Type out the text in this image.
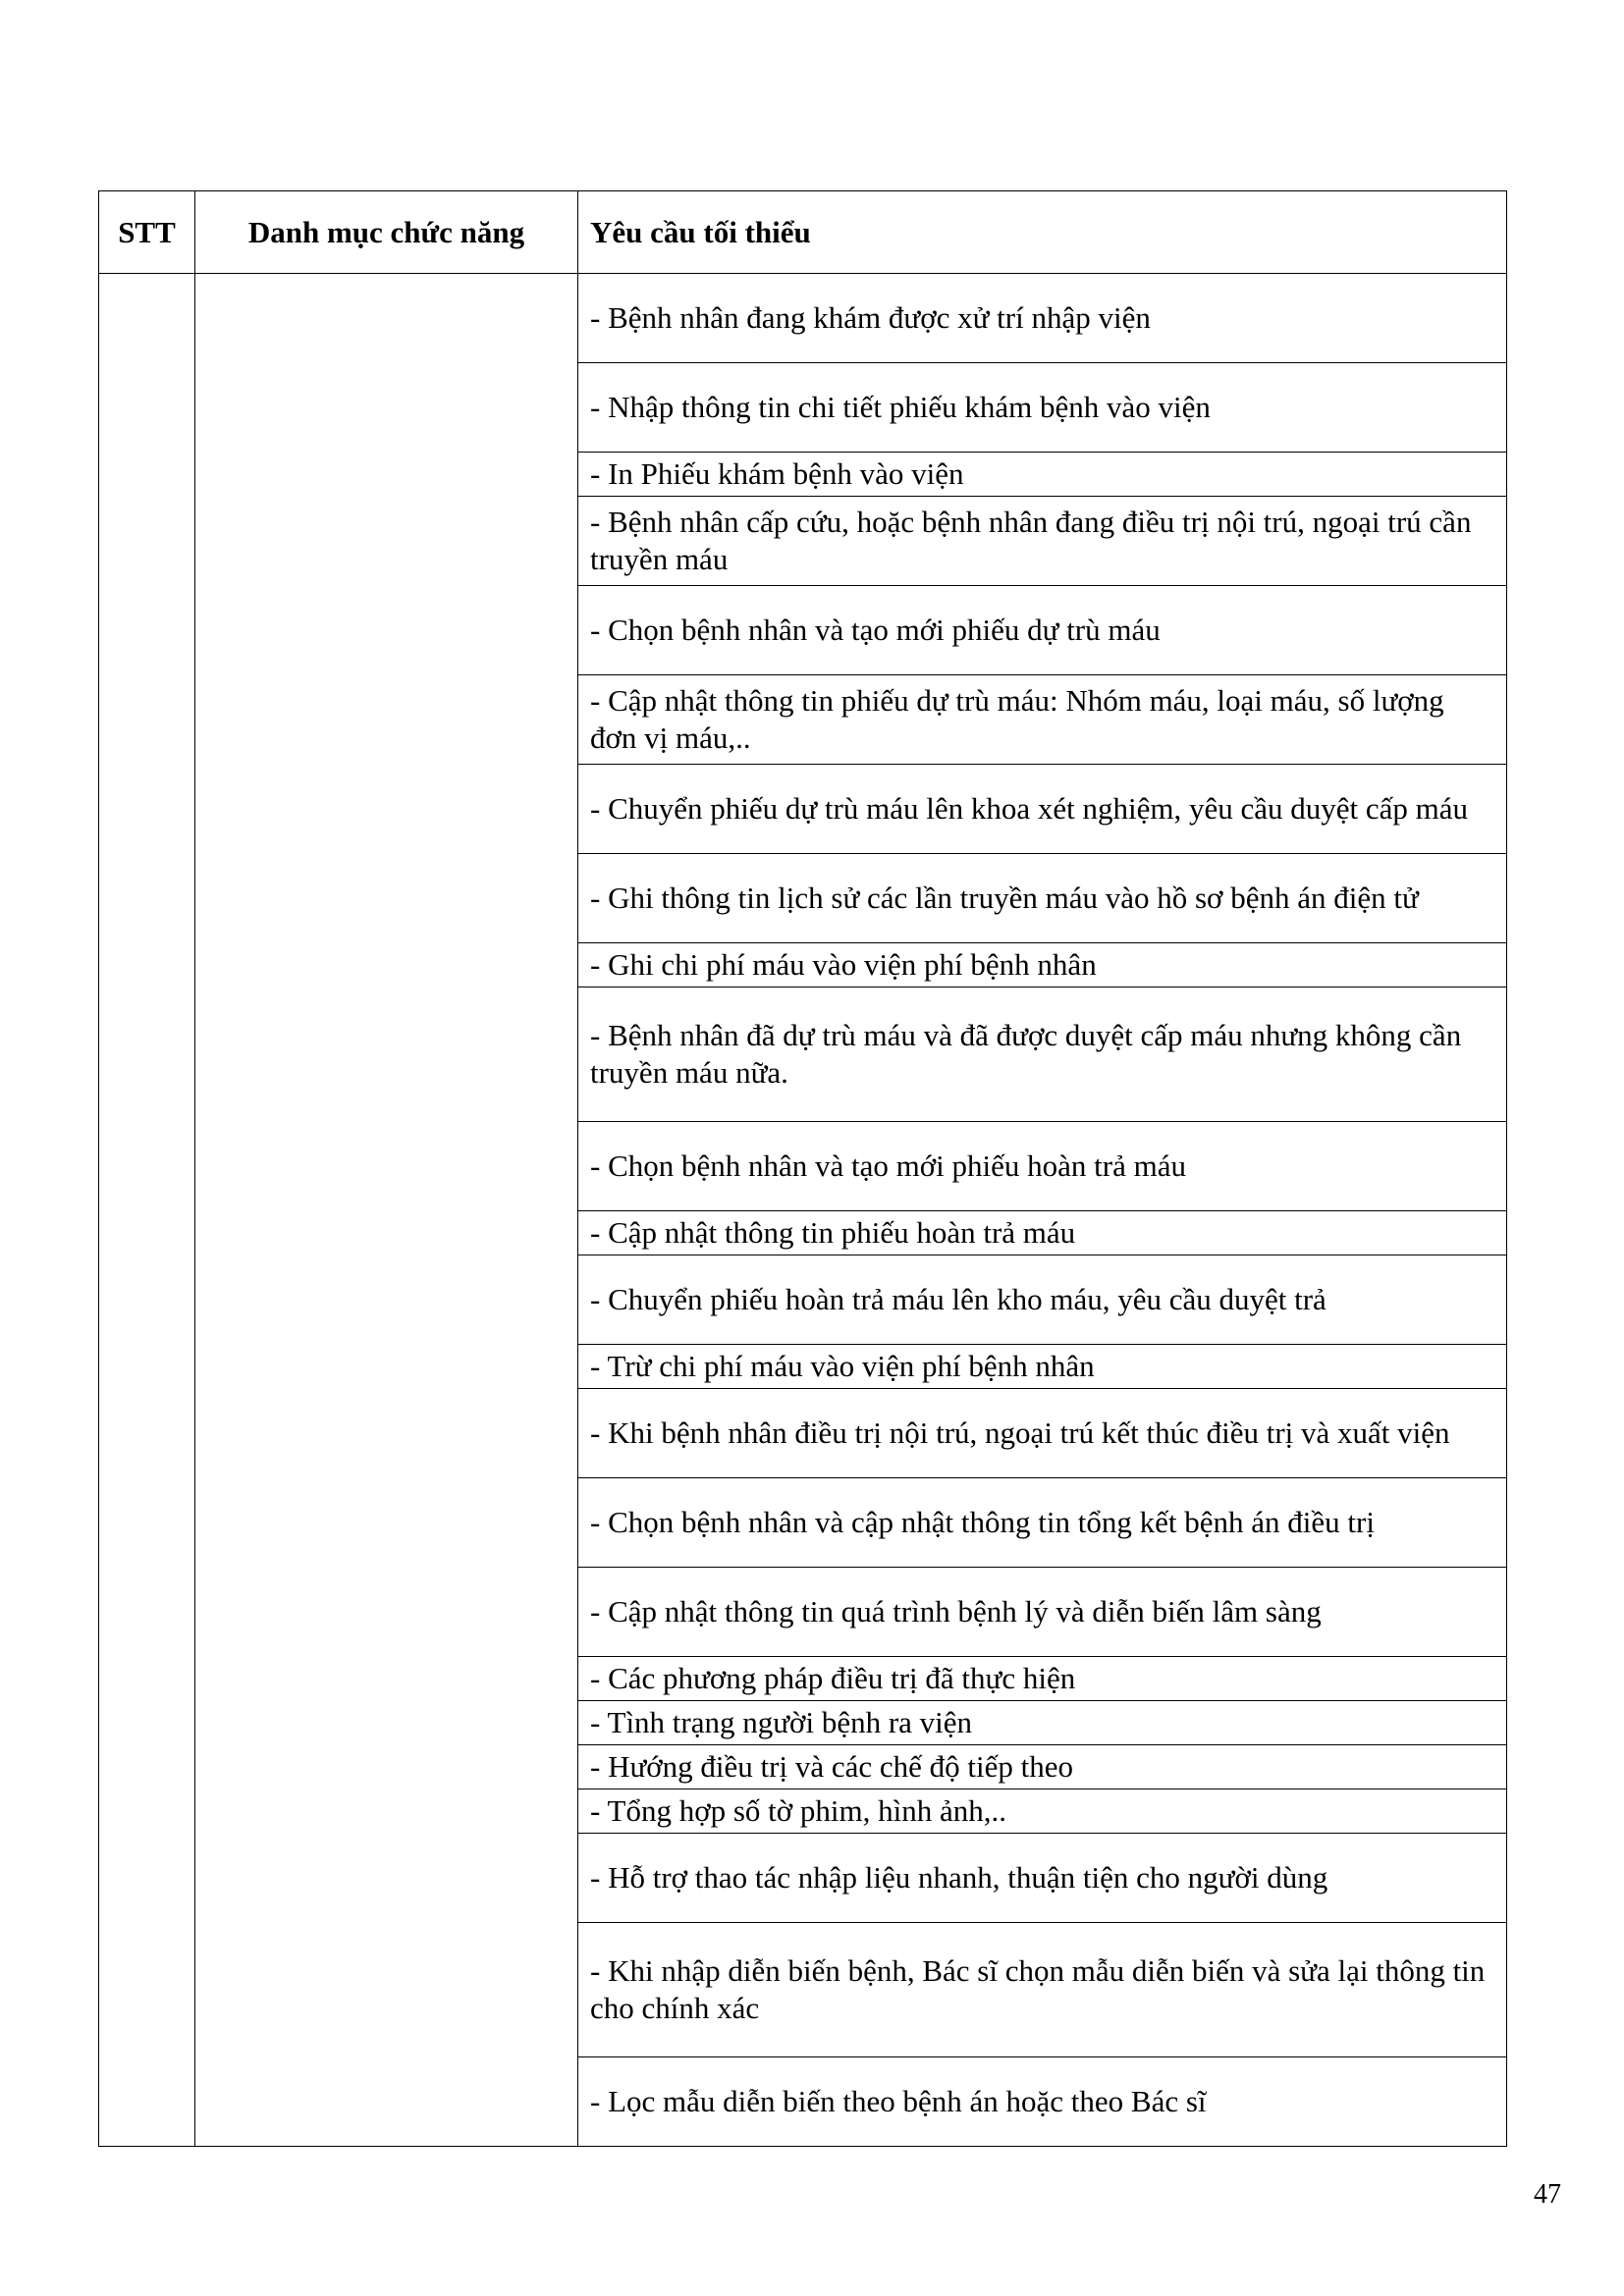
STT	Danh mục chức năng	Yêu cầu tối thiểu
		- Bệnh nhân đang khám được xử trí nhập viện
		- Nhập thông tin chi tiết phiếu khám bệnh vào viện
		- In Phiếu khám bệnh vào viện
		- Bệnh nhân cấp cứu, hoặc bệnh nhân đang điều trị nội trú, ngoại trú cần truyền máu
		- Chọn bệnh nhân và tạo mới phiếu dự trù máu
		- Cập nhật thông tin phiếu dự trù máu: Nhóm máu, loại máu, số lượng đơn vị máu,..
		- Chuyển phiếu dự trù máu lên khoa xét nghiệm, yêu cầu duyệt cấp máu
		- Ghi thông tin lịch sử các lần truyền máu vào hồ sơ bệnh án điện tử
		- Ghi chi phí máu vào viện phí bệnh nhân
		- Bệnh nhân đã dự trù máu và đã được duyệt cấp máu nhưng không cần truyền máu nữa.
		- Chọn bệnh nhân và tạo mới phiếu hoàn trả máu
		- Cập nhật thông tin phiếu hoàn trả máu
		- Chuyển phiếu hoàn trả máu lên kho máu, yêu cầu duyệt trả
		- Trừ chi phí máu vào viện phí bệnh nhân
		- Khi bệnh nhân điều trị nội trú, ngoại trú kết thúc điều trị và xuất viện
		- Chọn bệnh nhân và cập nhật thông tin tổng kết bệnh án điều trị
		- Cập nhật thông tin quá trình bệnh lý và diễn biến lâm sàng
		- Các phương pháp điều trị đã thực hiện
		- Tình trạng người bệnh ra viện
		- Hướng điều trị và các chế độ tiếp theo
		- Tổng hợp số tờ phim, hình ảnh,..
		- Hỗ trợ thao tác nhập liệu nhanh, thuận tiện cho người dùng
		- Khi nhập diễn biến bệnh, Bác sĩ chọn mẫu diễn biến và sửa lại thông tin cho chính xác
		- Lọc mẫu diễn biến theo bệnh án hoặc theo Bác sĩ
47
